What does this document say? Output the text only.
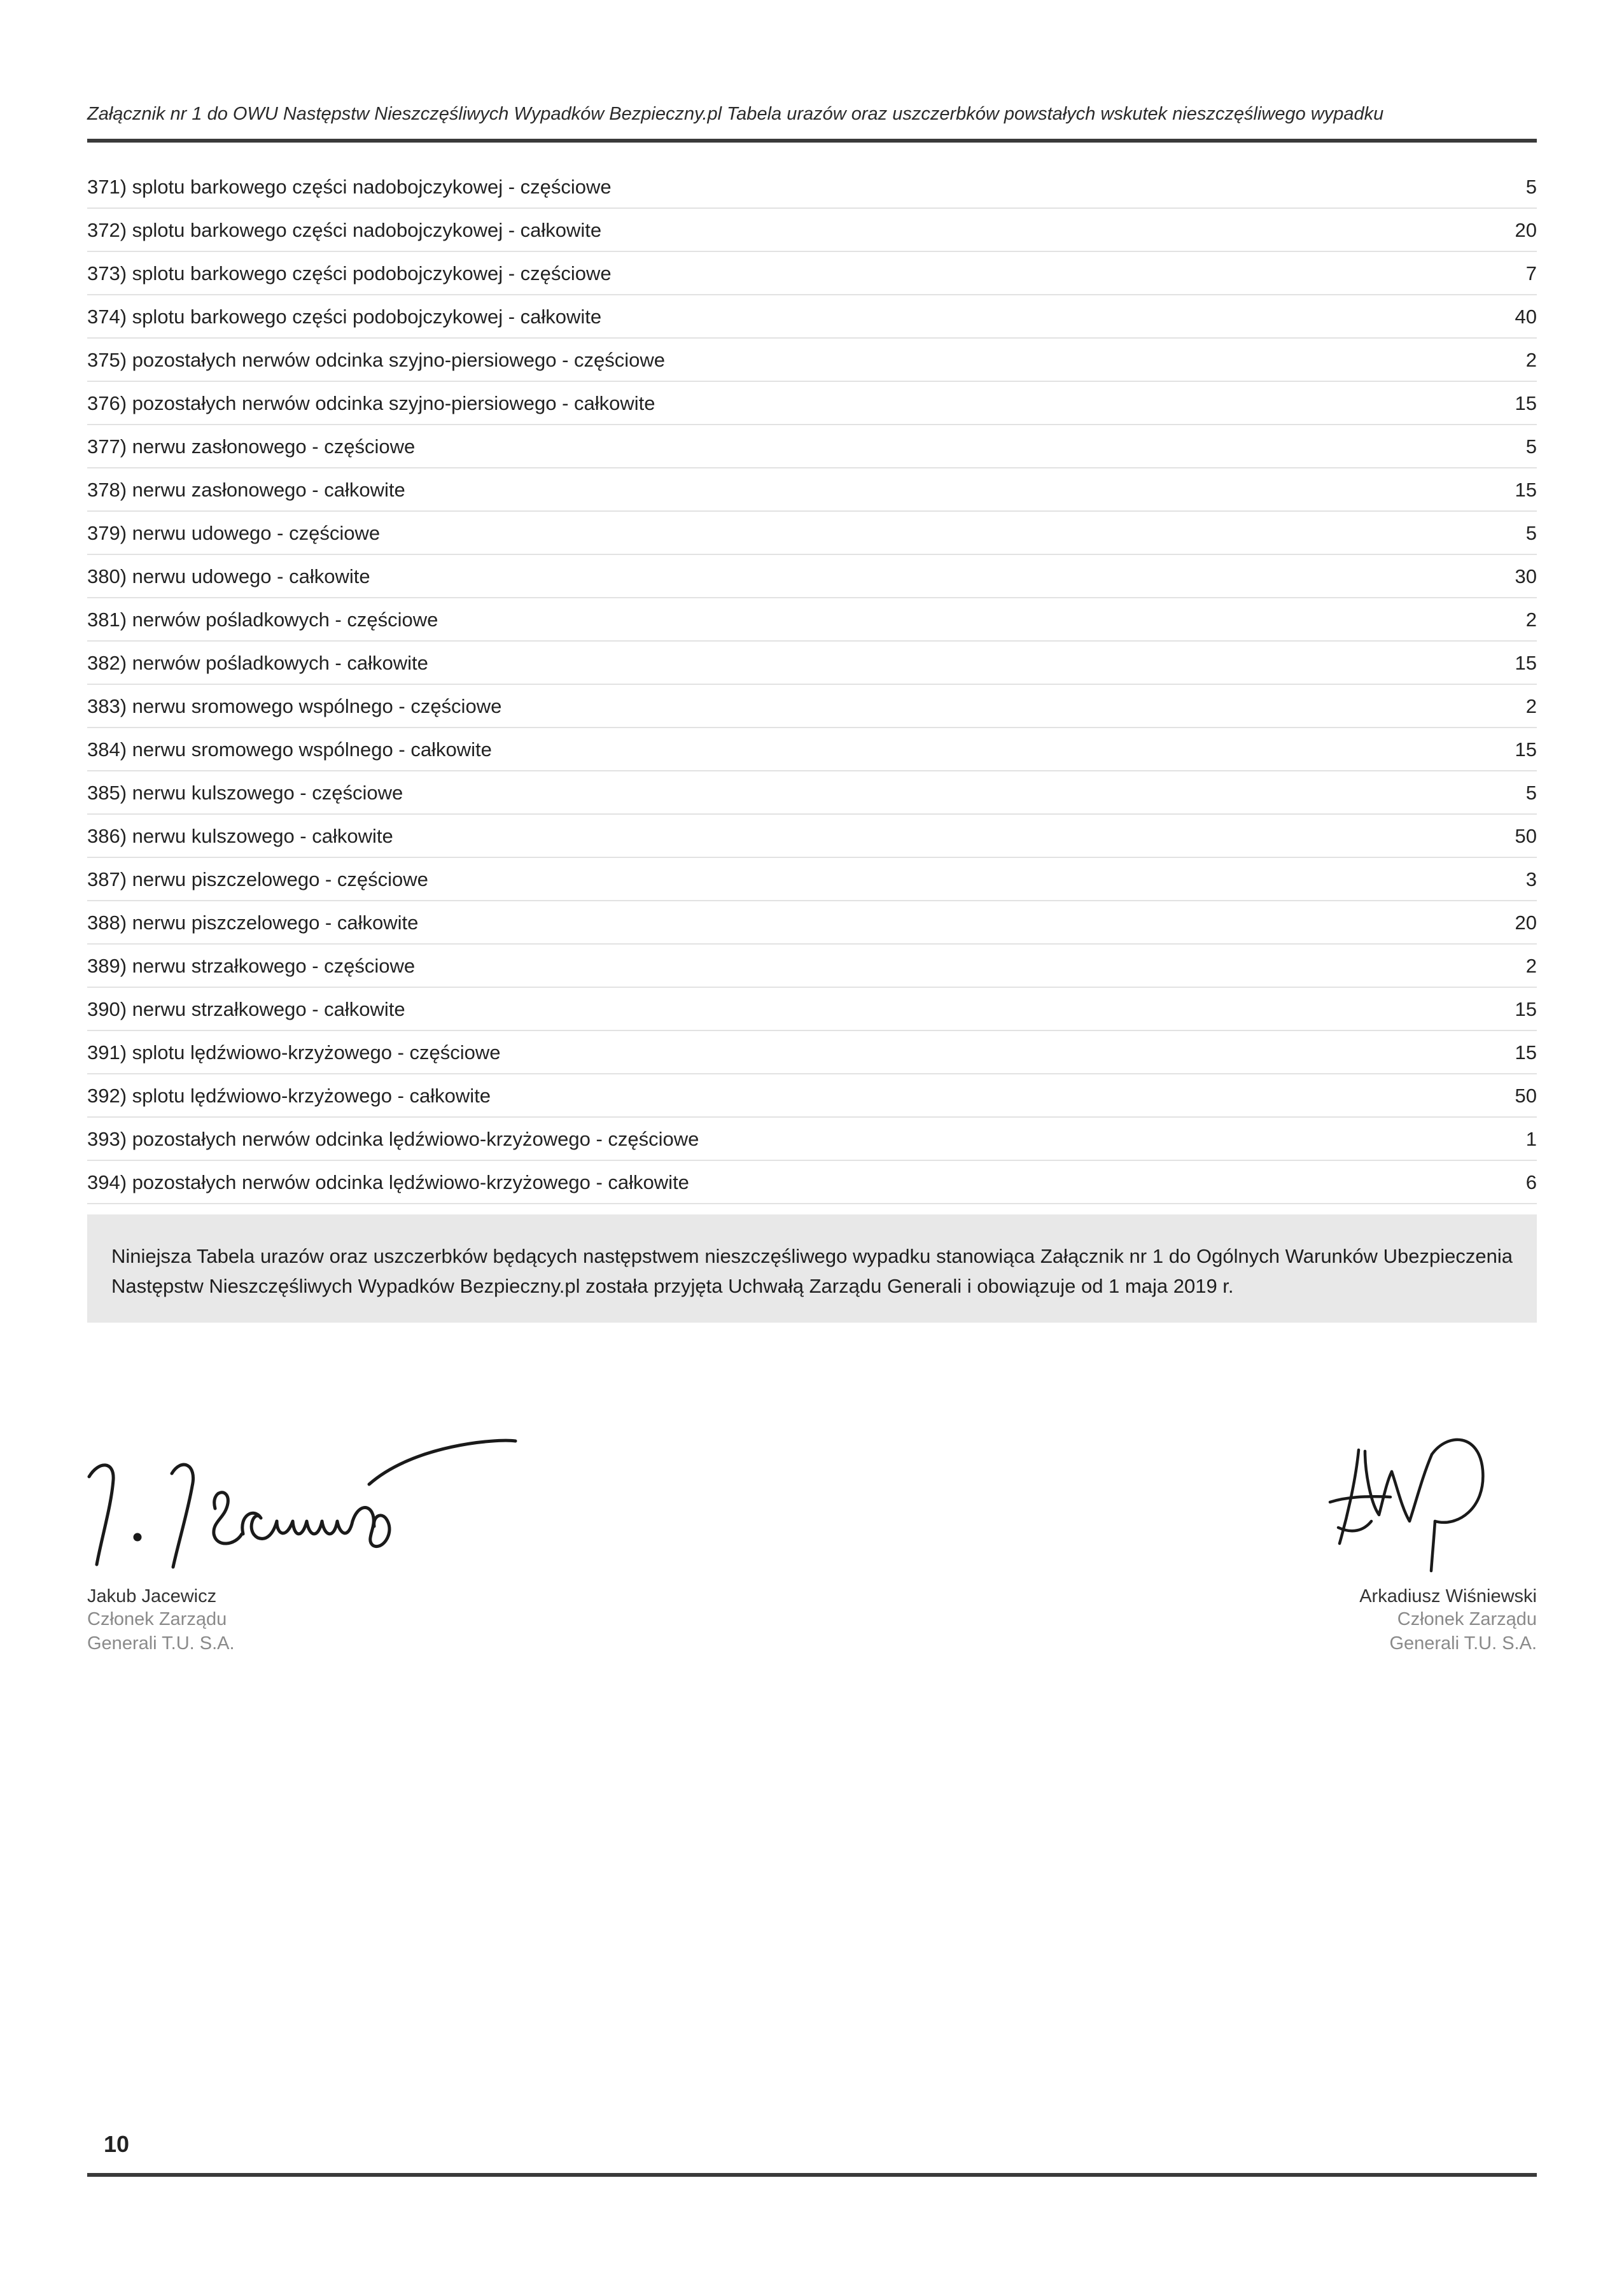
Załącznik nr 1 do OWU Następstw Nieszczęśliwych Wypadków Bezpieczny.pl Tabela urazów oraz uszczerbków powstałych wskutek nieszczęśliwego wypadku
371) splotu barkowego części nadobojczykowej - częściowe	5
372) splotu barkowego części nadobojczykowej - całkowite	20
373) splotu barkowego części podobojczykowej - częściowe	7
374) splotu barkowego części podobojczykowej - całkowite	40
375) pozostałych nerwów odcinka szyjno-piersiowego - częściowe	2
376) pozostałych nerwów odcinka szyjno-piersiowego - całkowite	15
377) nerwu zasłonowego - częściowe	5
378) nerwu zasłonowego - całkowite	15
379) nerwu udowego - częściowe	5
380) nerwu udowego - całkowite	30
381) nerwów pośladkowych - częściowe	2
382) nerwów pośladkowych - całkowite	15
383) nerwu sromowego wspólnego - częściowe	2
384) nerwu sromowego wspólnego - całkowite	15
385) nerwu kulszowego - częściowe	5
386) nerwu kulszowego - całkowite	50
387) nerwu piszczelowego - częściowe	3
388) nerwu piszczelowego - całkowite	20
389) nerwu strzałkowego - częściowe	2
390) nerwu strzałkowego - całkowite	15
391) splotu lędźwiowo-krzyżowego - częściowe	15
392) splotu lędźwiowo-krzyżowego - całkowite	50
393) pozostałych nerwów odcinka lędźwiowo-krzyżowego - częściowe	1
394) pozostałych nerwów odcinka lędźwiowo-krzyżowego - całkowite	6

Niniejsza Tabela urazów oraz uszczerbków będących następstwem nieszczęśliwego wypadku stanowiąca Załącznik nr 1 do Ogólnych Warunków Ubezpieczenia Następstw Nieszczęśliwych Wypadków Bezpieczny.pl została przyjęta Uchwałą Zarządu Generali i obowiązuje od 1 maja 2019 r.

Jakub Jacewicz
Członek Zarządu
Generali T.U. S.A.
Arkadiusz Wiśniewski
Członek Zarządu
Generali T.U. S.A.
10
